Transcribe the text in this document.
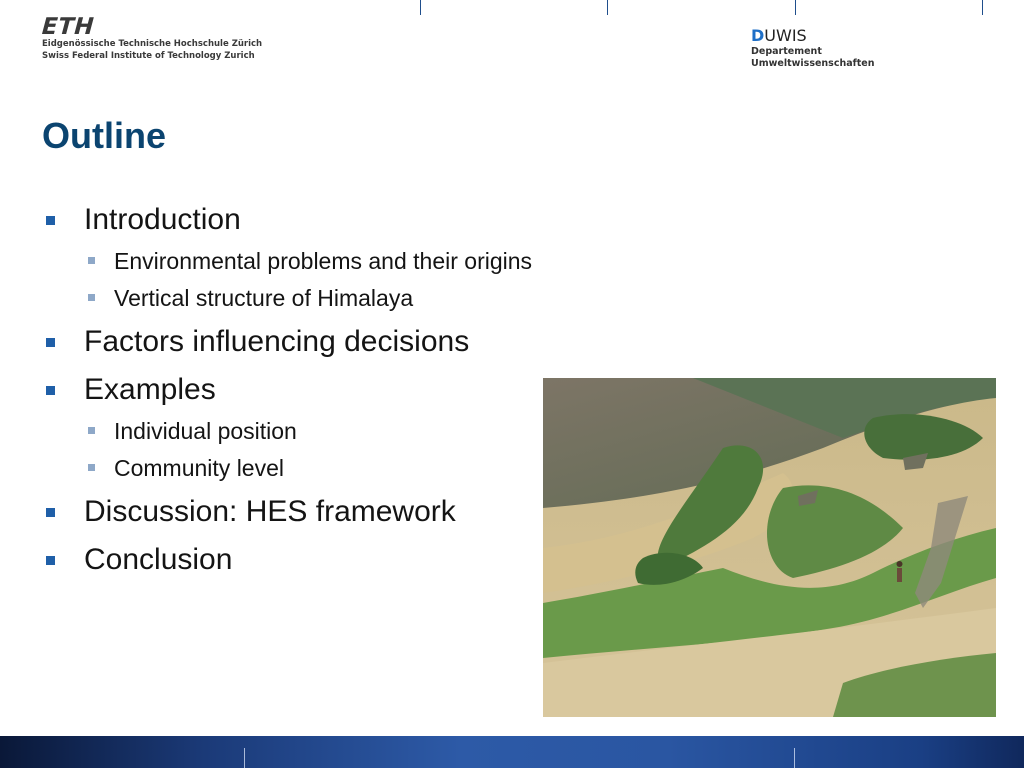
ETH
Eidgenössische Technische Hochschule Zürich
Swiss Federal Institute of Technology Zurich
DUWIS
Departement
Umweltwissenschaften
Outline
Introduction
Environmental problems and their origins
Vertical structure of Himalaya
Factors influencing decisions
Examples
Individual position
Community level
Discussion: HES framework
Conclusion
